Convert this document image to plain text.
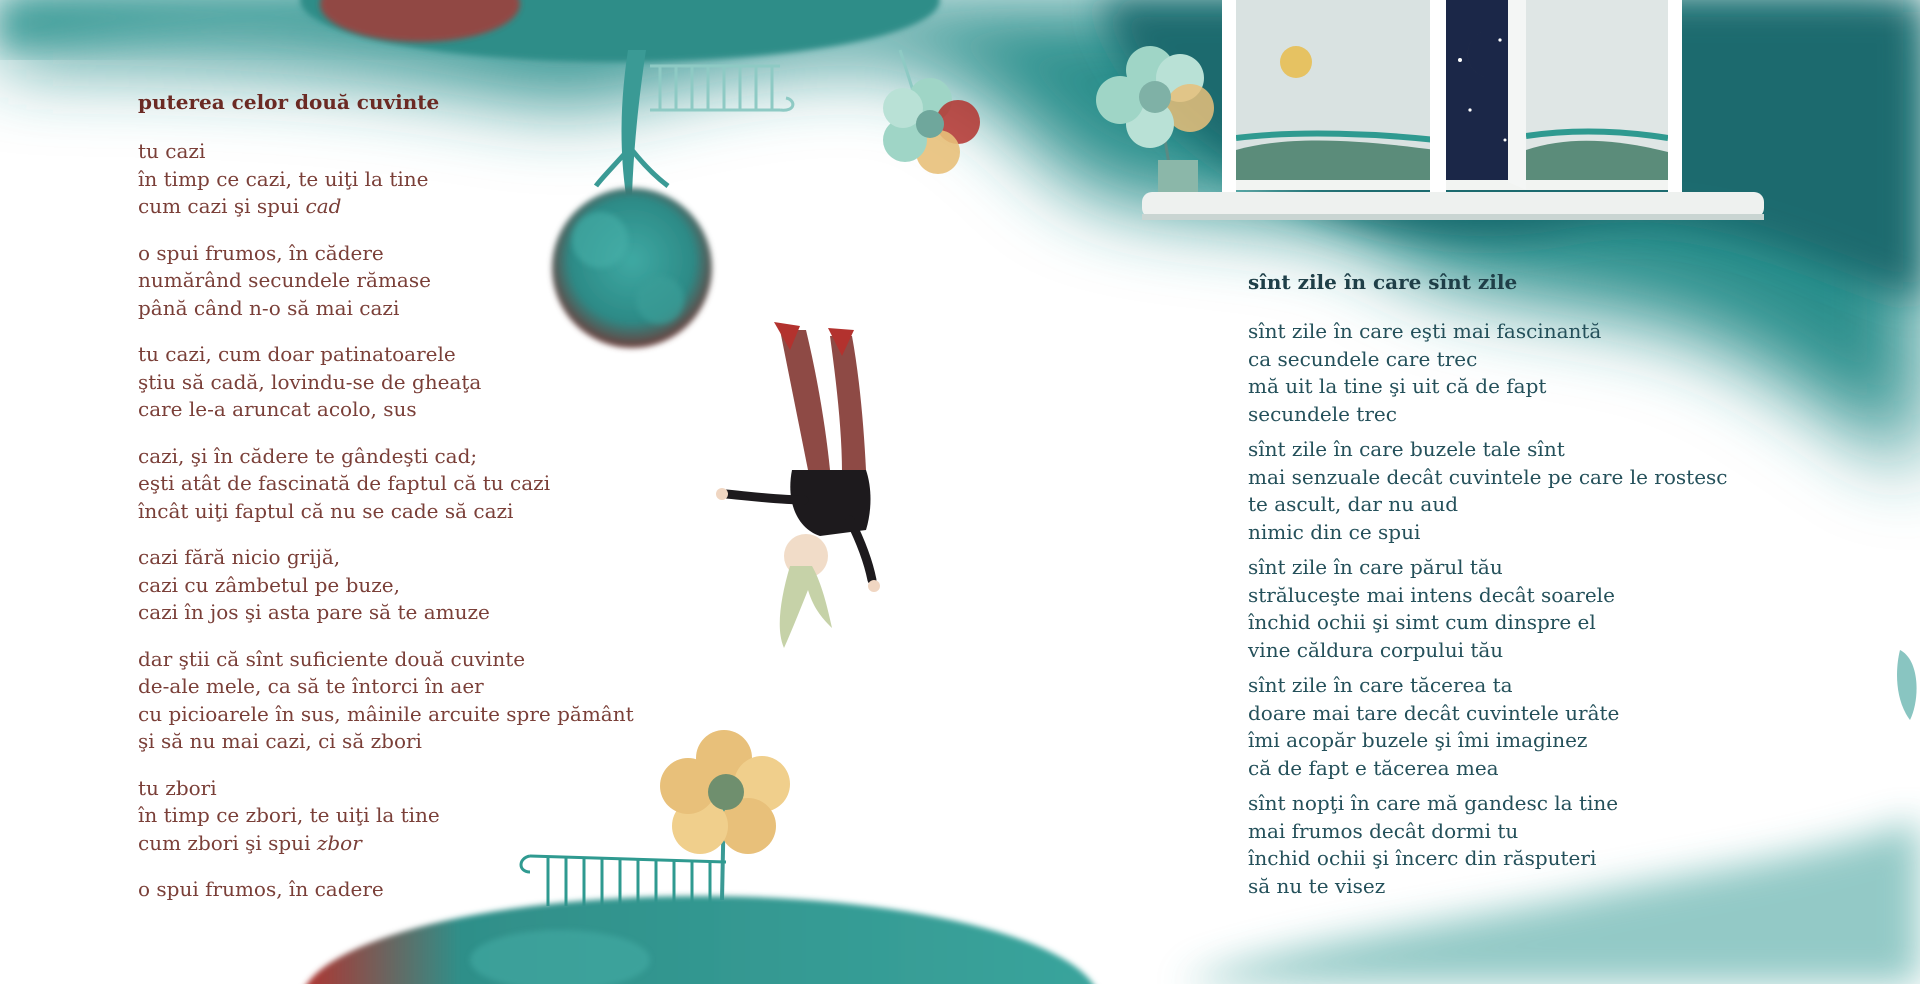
puterea celor două cuvinte
tu cazi
în timp ce cazi, te uiţi la tine
cum cazi şi spui cad
o spui frumos, în cădere
numărând secundele rămase
până când n-o să mai cazi
tu cazi, cum doar patinatoarele
ştiu să cadă, lovindu-se de gheaţa
care le-a aruncat acolo, sus
cazi, şi în cădere te gândeşti cad;
eşti atât de fascinată de faptul că tu cazi
încât uiţi faptul că nu se cade să cazi
cazi fără nicio grijă,
cazi cu zâmbetul pe buze,
cazi în jos şi asta pare să te amuze
dar ştii că sînt suficiente două cuvinte
de-ale mele, ca să te întorci în aer
cu picioarele în sus, mâinile arcuite spre pământ
şi să nu mai cazi, ci să zbori
tu zbori
în timp ce zbori, te uiţi la tine
cum zbori şi spui zbor
o spui frumos, în cadere
sînt zile în care sînt zile
sînt zile în care eşti mai fascinantă
ca secundele care trec
mă uit la tine şi uit că de fapt
secundele trec
sînt zile în care buzele tale sînt
mai senzuale decât cuvintele pe care le rostesc
te ascult, dar nu aud
nimic din ce spui
sînt zile în care părul tău
străluceşte mai intens decât soarele
închid ochii şi simt cum dinspre el
vine căldura corpului tău
sînt zile în care tăcerea ta
doare mai tare decât cuvintele urâte
îmi acopăr buzele şi îmi imaginez
că de fapt e tăcerea mea
sînt nopţi în care mă gandesc la tine
mai frumos decât dormi tu
închid ochii şi încerc din răsputeri
să nu te visez
